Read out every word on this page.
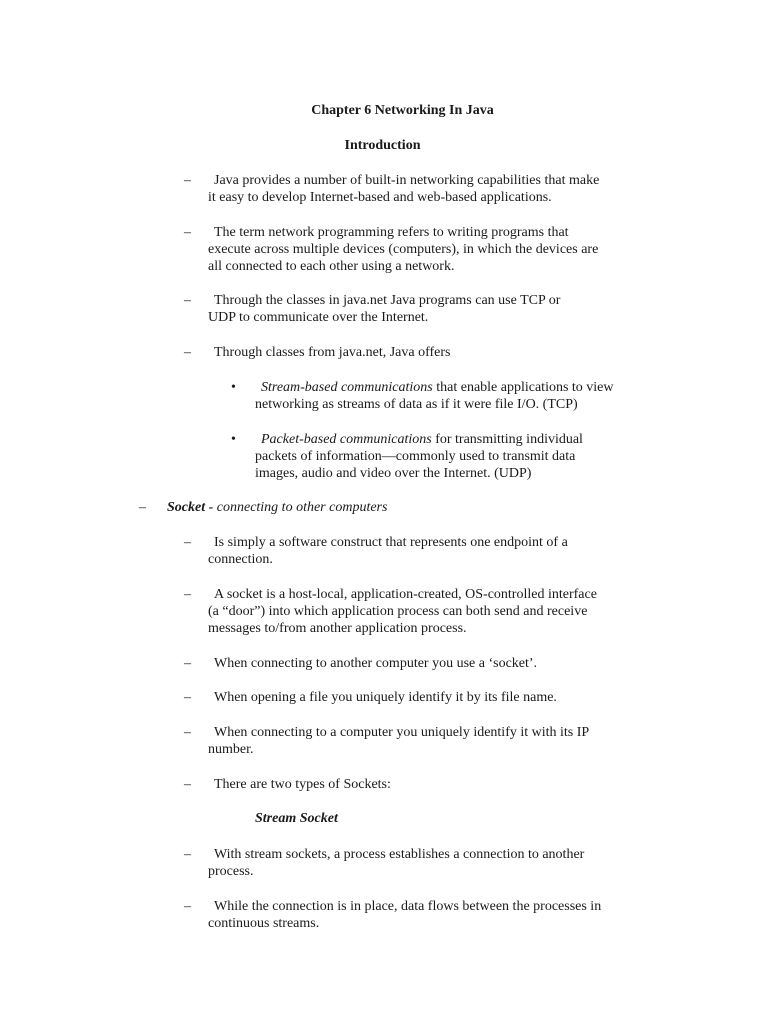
Chapter 6 Networking In Java
Introduction
–	Java provides a number of built-in networking capabilities that make
it easy to develop Internet-based and web-based applications.
–	The term network programming refers to writing programs that
execute across multiple devices (computers), in which the devices are
all connected to each other using a network.
–	Through the classes in java.net Java programs can use TCP or
UDP to communicate over the Internet.
–	Through classes from java.net, Java offers
•	Stream-based communications that enable applications to view
networking as streams of data as if it were file I/O. (TCP)
•	Packet-based communications for transmitting individual
packets of information—commonly used to transmit data
images, audio and video over the Internet. (UDP)
– Socket - connecting to other computers
–	Is simply a software construct that represents one endpoint of a
connection.
–	A socket is a host-local, application-created, OS-controlled interface
(a “door”) into which application process can both send and receive
messages to/from another application process.
–	When connecting to another computer you use a ‘socket’.
–	When opening a file you uniquely identify it by its file name.
–	When connecting to a computer you uniquely identify it with its IP
number.
–	There are two types of Sockets:
Stream Socket
–	With stream sockets, a process establishes a connection to another
process.
–	While the connection is in place, data flows between the processes in
continuous streams.
